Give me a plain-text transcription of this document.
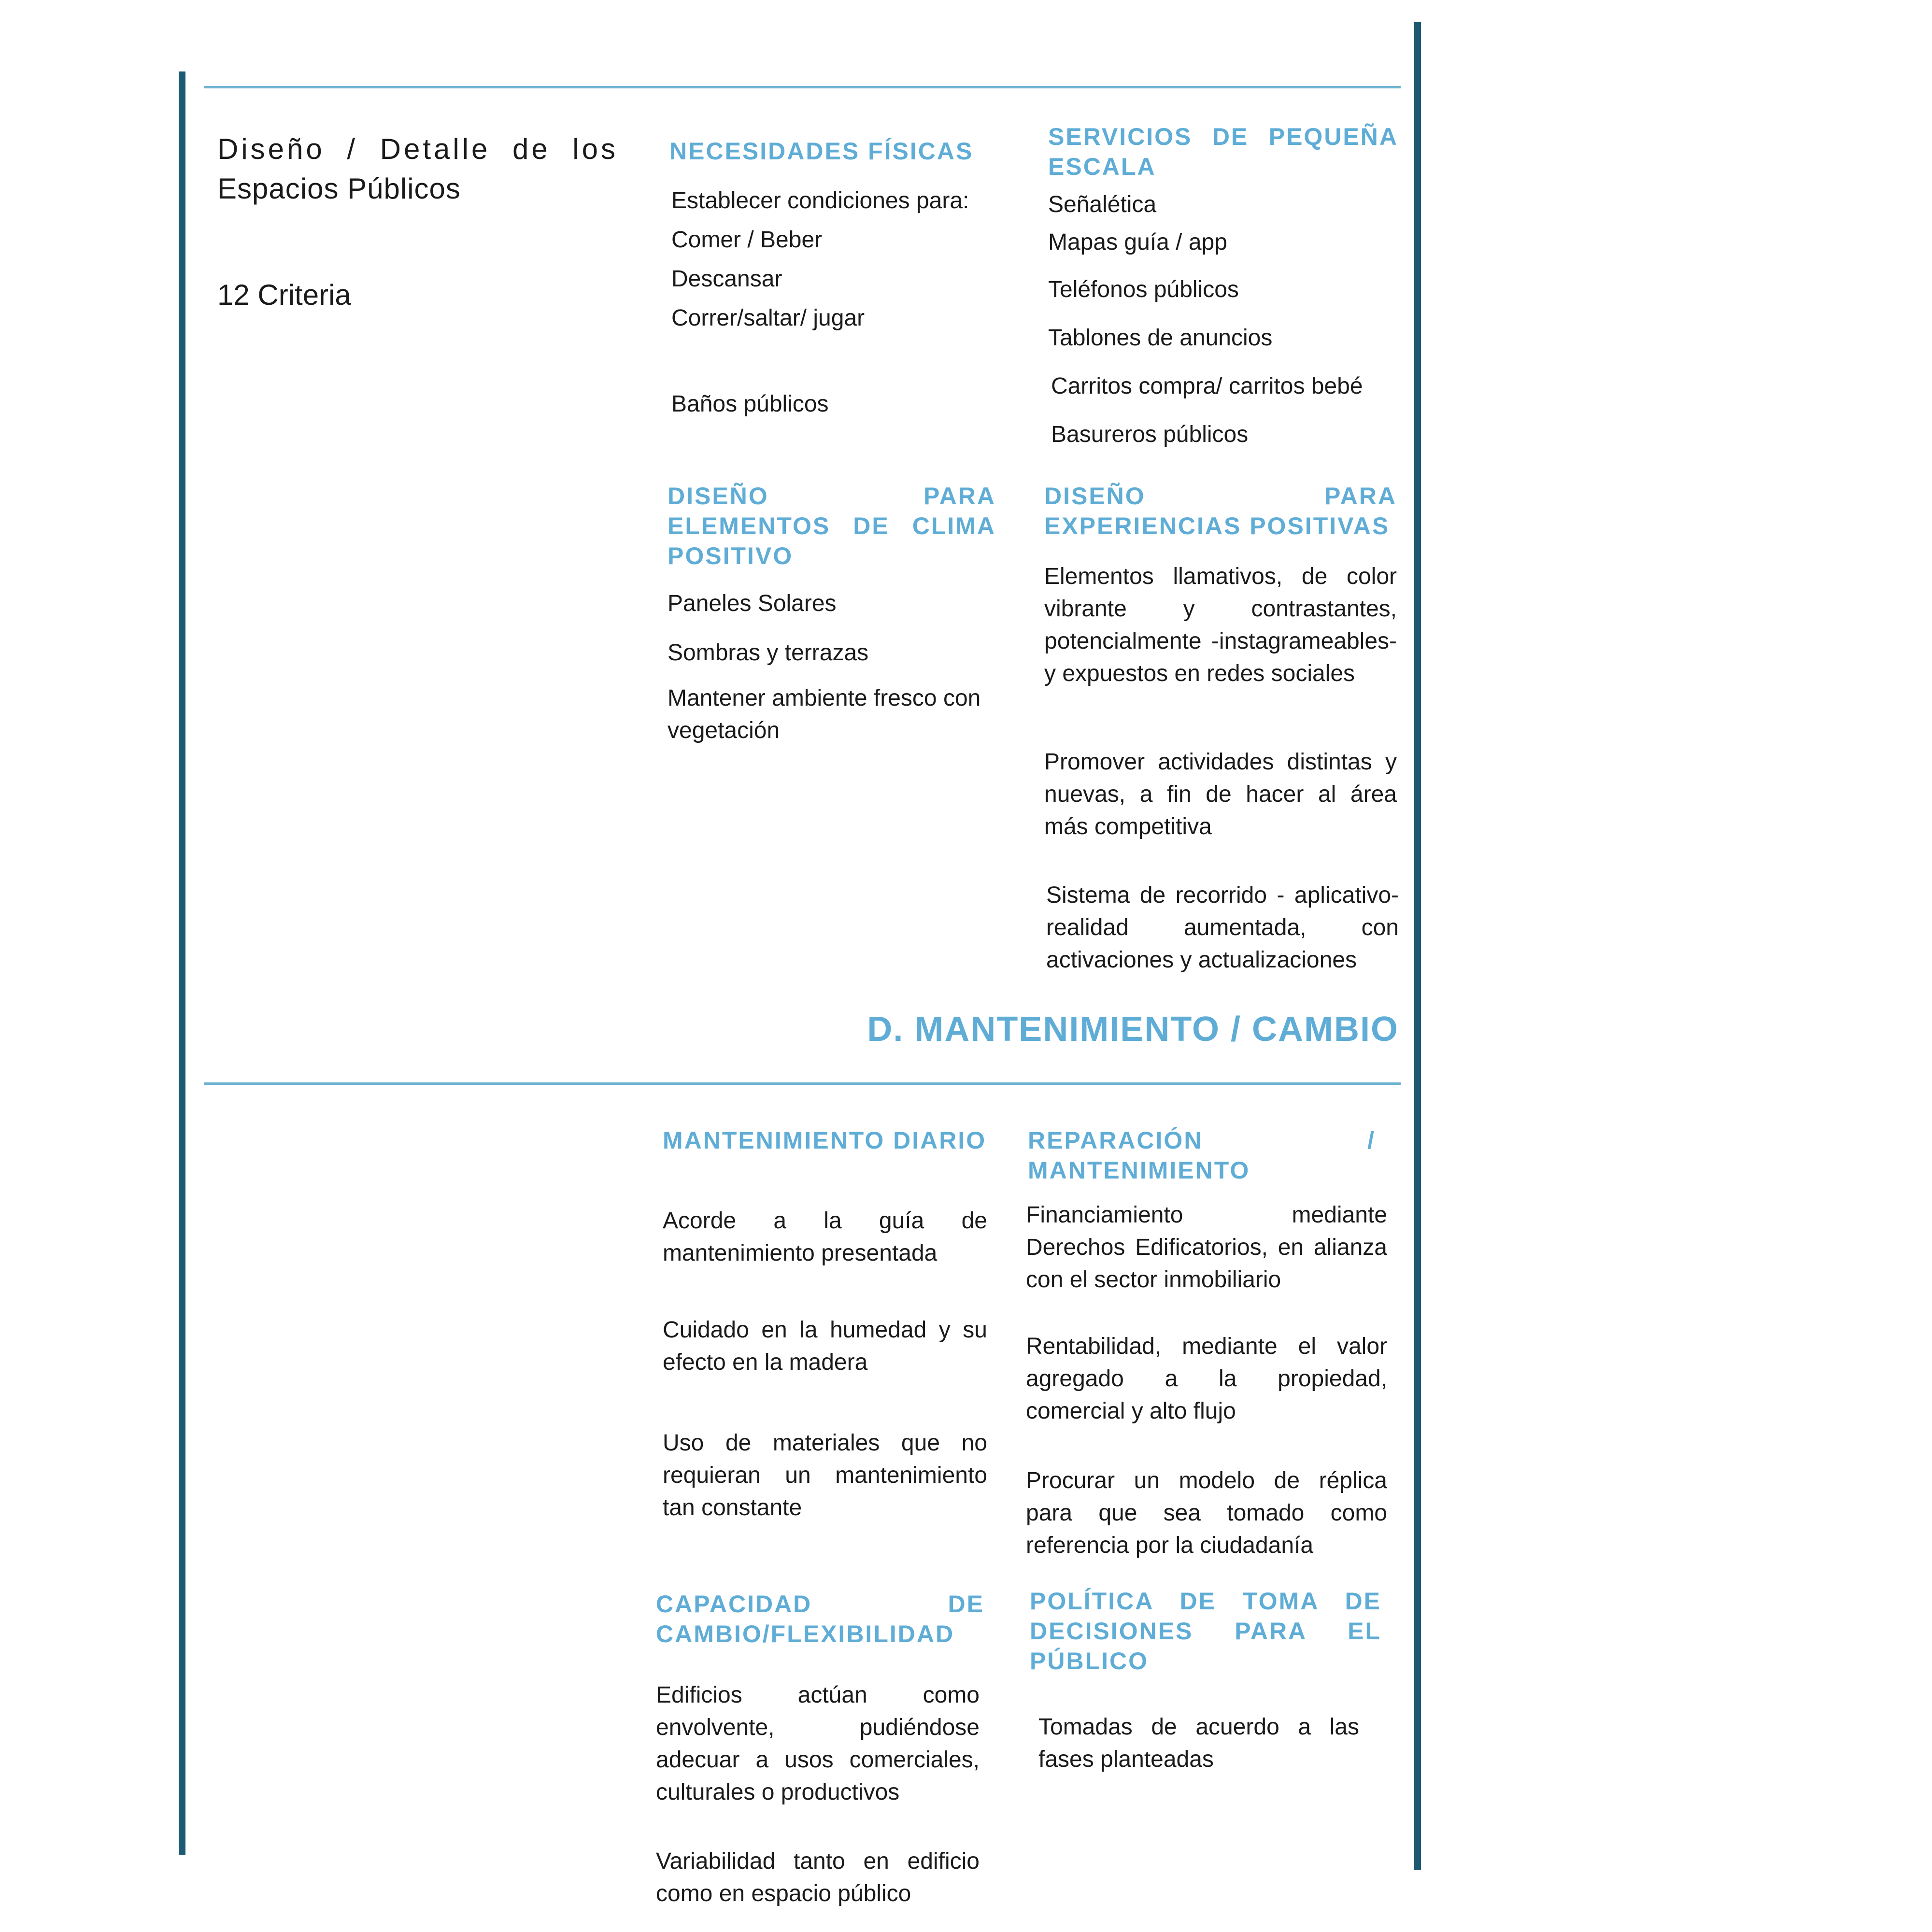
Diseño / Detalle de los
Espacios Públicos
12 Criteria
NECESIDADES FÍSICAS
Establecer condiciones para:
Comer / Beber
Descansar
Correr/saltar/ jugar
Baños públicos
SERVICIOS DE PEQUEÑA ESCALA
Señalética
Mapas guía / app
Teléfonos públicos
Tablones de anuncios
Carritos compra/ carritos bebé
Basureros públicos
DISEÑO PARA ELEMENTOS DE CLIMA POSITIVO
Paneles Solares
Sombras y terrazas
Mantener ambiente fresco con vegetación
DISEÑO PARA EXPERIENCIAS POSITIVAS
Elementos llamativos, de color vibrante y contrastantes, potencialmente -instagrameables- y expuestos en redes sociales
Promover actividades distintas y nuevas, a fin de hacer al área más competitiva
Sistema de recorrido - aplicativo-realidad aumentada, con activaciones y actualizaciones
D. MANTENIMIENTO / CAMBIO
MANTENIMIENTO DIARIO
Acorde a la guía de mantenimiento presentada
Cuidado en la humedad y su efecto en la madera
Uso de materiales que no requieran un mantenimiento tan constante
REPARACIÓN / MANTENIMIENTO
Financiamiento mediante Derechos Edificatorios, en alianza con el sector inmobiliario
Rentabilidad, mediante el valor agregado a la propiedad, comercial y alto flujo
Procurar un modelo de réplica para que sea tomado como referencia por la ciudadanía
CAPACIDAD DE CAMBIO/FLEXIBILIDAD
Edificios actúan como envolvente, pudiéndose adecuar a usos comerciales, culturales o productivos
Variabilidad tanto en edificio como en espacio público
POLÍTICA DE TOMA DE DECISIONES PARA EL PÚBLICO
Tomadas de acuerdo a las fases planteadas
